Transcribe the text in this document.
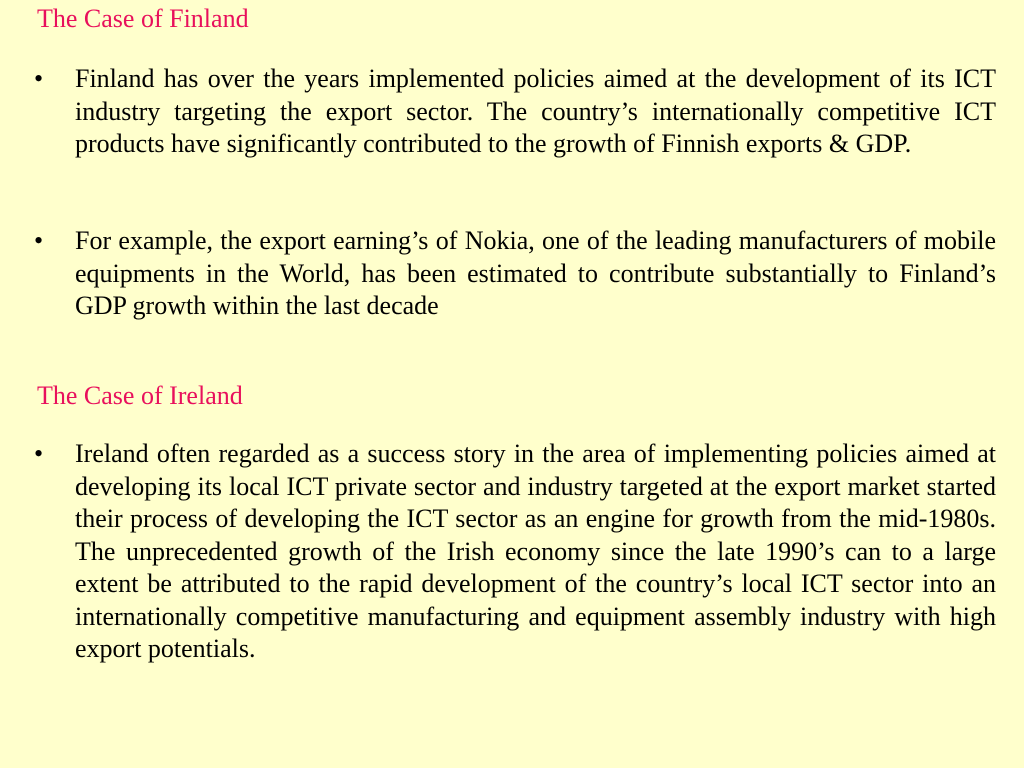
The Case of Finland
•	Finland has over the years implemented policies aimed at the development of its ICT industry targeting the export sector. The country’s internationally competitive ICT products have significantly contributed to the growth of Finnish exports & GDP.
•	For example, the export earning’s of Nokia, one of the leading manufacturers of mobile equipments in the World, has been estimated to contribute substantially to Finland’s GDP growth within the last decade
The Case of Ireland
•	Ireland often regarded as a success story in the area of implementing policies aimed at developing its local ICT private sector and industry targeted at the export market started their process of developing the ICT sector as an engine for growth from the mid-1980s. The unprecedented growth of the Irish economy since the late 1990’s can to a large extent be attributed to the rapid development of the country’s local ICT sector into an internationally competitive manufacturing and equipment assembly industry with high export potentials.
